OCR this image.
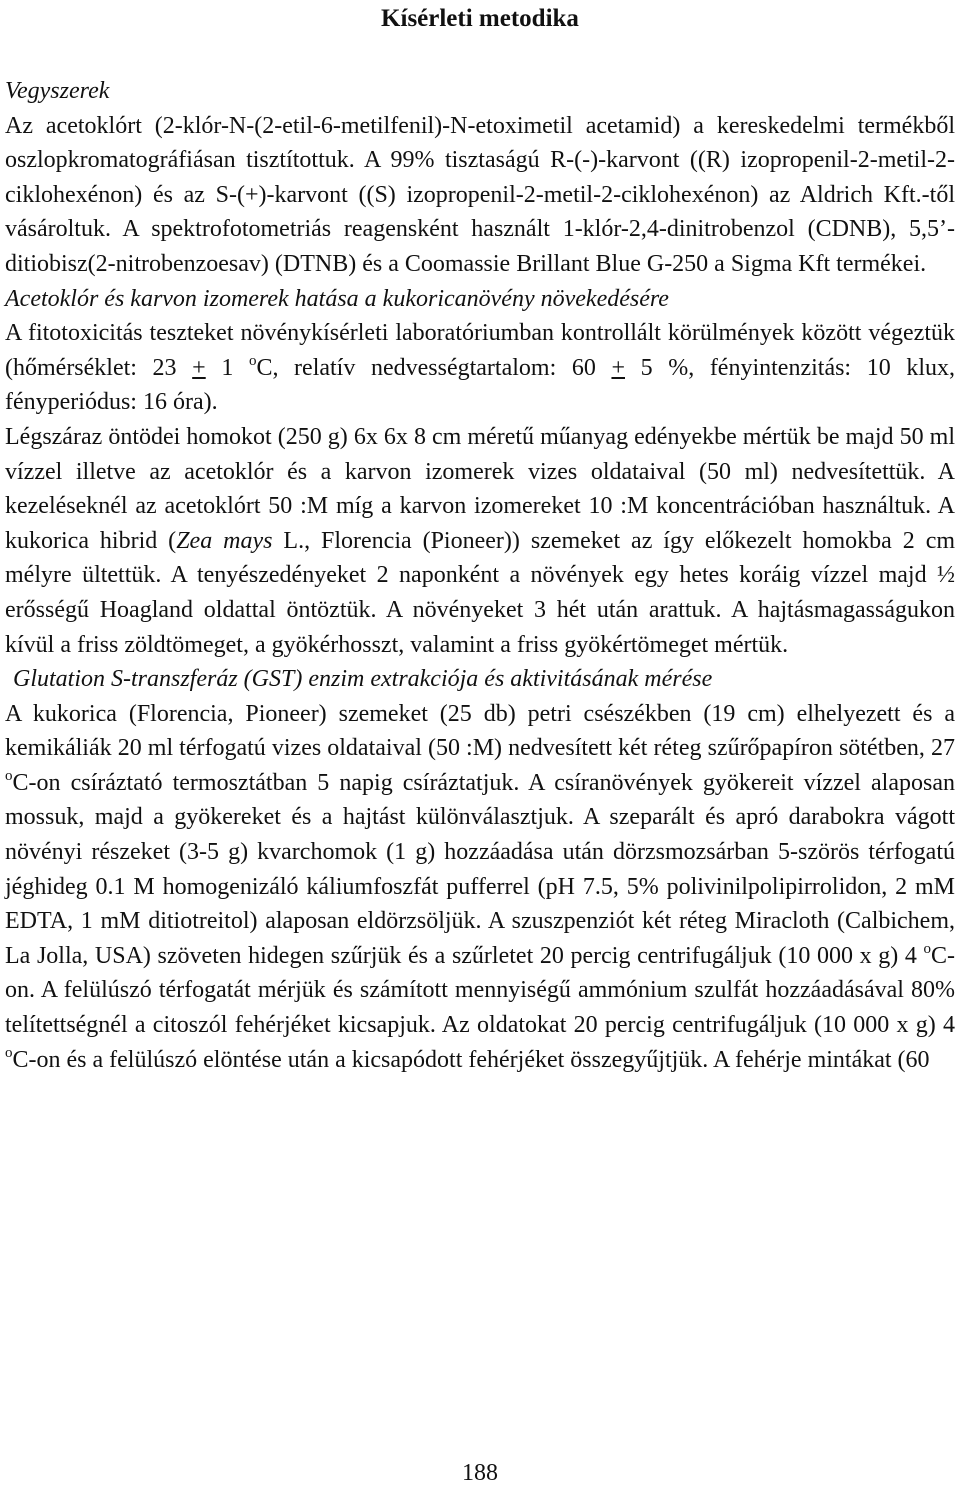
Kísérleti metodika

Vegyszerek

Az acetoklórt (2-klór-N-(2-etil-6-metilfenil)-N-etoximetil acetamid) a kereskedelmi termékből oszlopkromatográfiásan tisztítottuk. A 99% tisztaságú R-(-)-karvont ((R) izopropenil-2-metil-2-ciklohexénon) és az S-(+)-karvont ((S) izopropenil-2-metil-2-ciklohexénon) az Aldrich Kft.-től vásároltuk. A spektrofotometriás reagensként használt 1-klór-2,4-dinitrobenzol (CDNB), 5,5’-ditiobisz(2-nitrobenzoesav) (DTNB) és a Coomassie Brillant Blue G-250 a Sigma Kft termékei.

Acetoklór és karvon izomerek hatása a kukoricanövény növekedésére

A fitotoxicitás teszteket növénykísérleti laboratóriumban kontrollált körülmények között végeztük (hőmérséklet: 23 + 1 $^o$C, relatív nedvességtartalom: 60 + 5 %, fényintenzitás: 10 klux, fényperiódus: 16 óra).

Légszáraz öntödei homokot (250 g) 6x 6x 8 cm méretű műanyag edényekbe mértük be majd 50 ml vízzel illetve az acetoklór és a karvon izomerek vizes oldataival (50 ml) nedvesítettük. A kezeléseknél az acetoklórt 50 :M míg a karvon izomereket 10 :M koncentrációban használtuk. A kukorica hibrid (Zea mays L., Florencia (Pioneer)) szemeket az így előkezelt homokba 2 cm mélyre ültettük. A tenyészedényeket 2 naponként a növények egy hetes koráig vízzel majd ½ erősségű Hoagland oldattal öntöztük. A növényeket 3 hét után arattuk. A hajtásmagasságukon kívül a friss zöldtömeget, a gyökérhosszt, valamint a friss gyökértömeget mértük.

Glutation S-transzferáz (GST) enzim extrakciója és aktivitásának mérése

A kukorica (Florencia, Pioneer) szemeket (25 db) petri csészékben (19 cm) elhelyezett és a kemikáliák 20 ml térfogatú vizes oldataival (50 :M) nedvesített két réteg szűrőpapíron sötétben, 27 $^o$C-on csíráztató termosztátban 5 napig csíráztatjuk. A csíranövények gyökereit vízzel alaposan mossuk, majd a gyökereket és a hajtást különválasztjuk. A szeparált és apró darabokra vágott növényi részeket (3-5 g) kvarchomok (1 g) hozzáadása után dörzsmozsárban 5-szörös térfogatú jéghideg 0.1 M homogenizáló káliumfoszfát pufferrel (pH 7.5, 5% polivinilpolipirrolidon, 2 mM EDTA, 1 mM ditiotreitol) alaposan eldörzsöljük. A szuszpenziót két réteg Miracloth (Calbichem, La Jolla, USA) szöveten hidegen szűrjük és a szűrletet 20 percig centrifugáljuk (10 000 x g) 4 $^o$C-on. A felülúszó térfogatát mérjük és számított mennyiségű ammónium szulfát hozzáadásával 80% telítettségnél a citoszól fehérjéket kicsapjuk. Az oldatokat 20 percig centrifugáljuk (10 000 x g) 4 $^o$C-on és a felülúszó elöntése után a kicsapódott fehérjéket összegyűjtjük. A fehérje mintákat (60

188
